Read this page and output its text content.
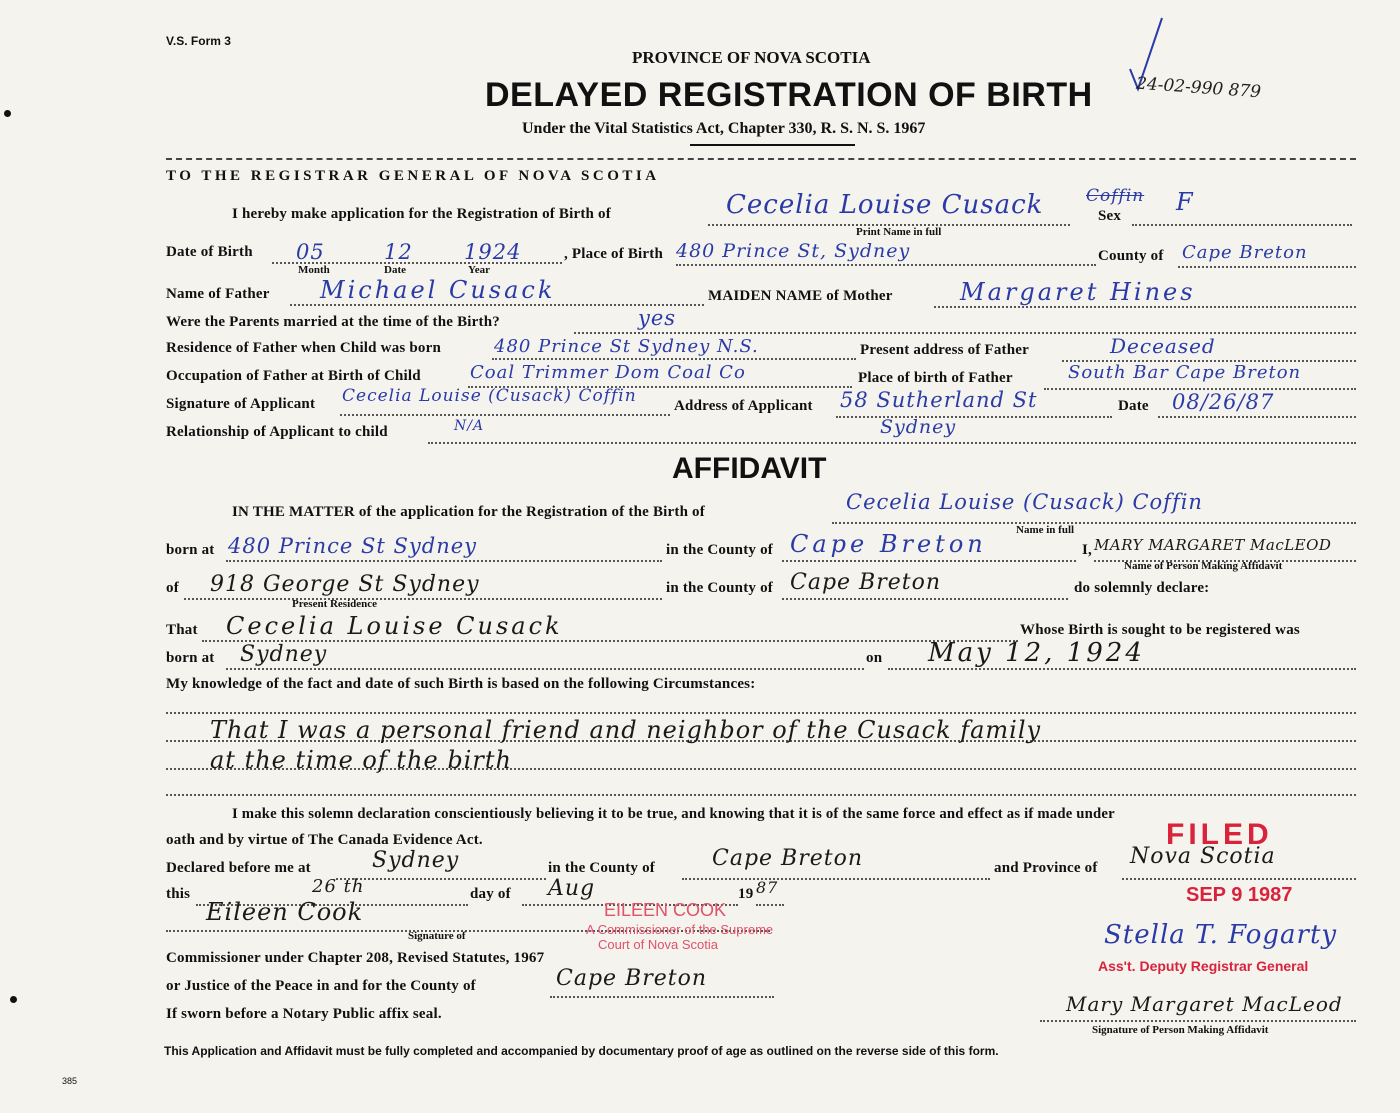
V.S. Form 3
PROVINCE OF NOVA SCOTIA
DELAYED REGISTRATION OF BIRTH
Under the Vital Statistics Act, Chapter 330, R. S. N. S. 1967
24-02-990 879
TO THE REGISTRAR GENERAL OF NOVA SCOTIA
I hereby make application for the Registration of Birth of	Cecelia Louise Cusack	Coffin
Print Name in full
Sex F
Date of Birth 05	12 1924
Month	Date	Year
, Place of Birth 480 Prince St, Sydney	County of Cape Breton
Name of Father Michael Cusack	MAIDEN NAME of Mother	Margaret Hines
Were the Parents married at the time of the Birth?	yes
Residence of Father when Child was born	480 Prince St Sydney N.S.	Present address of Father	Deceased
Occupation of Father at Birth of Child	Coal Trimmer Dom Coal Co	Place of birth of Father	South Bar Cape Breton
Signature of Applicant Cecelia Louise (Cusack) Coffin Address of Applicant 58 Sutherland St
Sydney
Date 08/26/87
Relationship of Applicant to child	N/A
AFFIDAVIT
IN THE MATTER of the application for the Registration of the Birth of	Cecelia Louise (Cusack) Coffin
Name in full
born at 480 Prince St Sydney	in the County of Cape Breton	I, MARY MARGARET MacLEOD
Name of Person Making Affidavit
of 918 George St Sydney
Present Residence
in the County of Cape Breton	do solemnly declare:
That Cecelia Louise Cusack	Whose Birth is sought to be registered was
born at Sydney	on May 12, 1924
My knowledge of the fact and date of such Birth is based on the following Circumstances:
That I was a personal friend and neighbor of the Cusack family
at the time of the birth
I make this solemn declaration conscientiously believing it to be true, and knowing that it is of the same force and effect as if made under
oath and by virtue of The Canada Evidence Act.
Declared before me at	Sydney	in the County of	Cape Breton	and Province of Nova Scotia
this	26 th	day of Aug	19 87
Eileen Cook
Signature of
Commissioner under Chapter 208, Revised Statutes, 1967
or Justice of the Peace in and for the County of	Cape Breton
If sworn before a Notary Public affix seal.	Mary Margaret MacLeod
Signature of Person Making Affidavit
FILED
SEP 9 1987
Stella T. Fogarty
Ass't. Deputy Registrar General
EILEEN COOK
A Commissioner of the Supreme
Court of Nova Scotia
This Application and Affidavit must be fully completed and accompanied by documentary proof of age as outlined on the reverse side of this form.
385
